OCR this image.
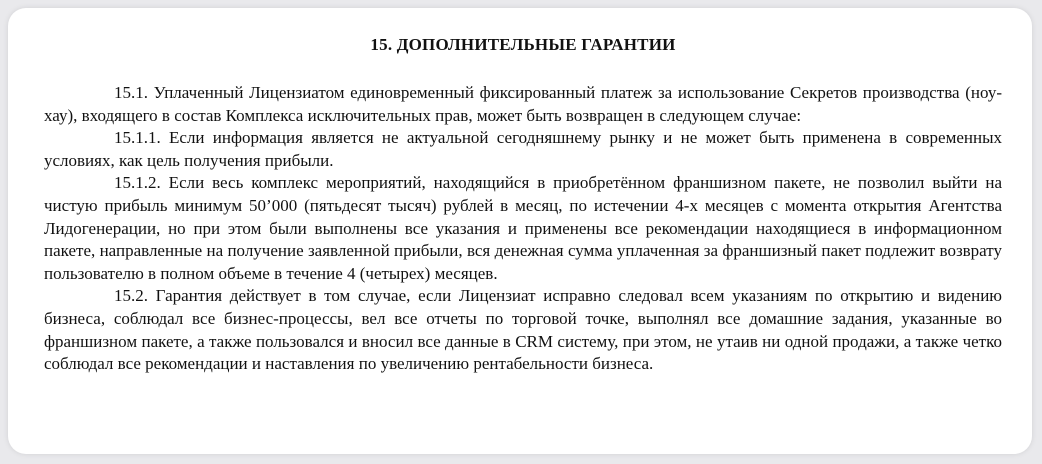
15. ДОПОЛНИТЕЛЬНЫЕ ГАРАНТИИ

15.1. Уплаченный Лицензиатом единовременный фиксированный платеж за использование Секретов производства (ноу-хау), входящего в состав Комплекса исключительных прав, может быть возвращен в следующем случае:

15.1.1. Если информация является не актуальной сегодняшнему рынку и не может быть применена в современных условиях, как цель получения прибыли.

15.1.2. Если весь комплекс мероприятий, находящийся в приобретённом франшизном пакете, не позволил выйти на чистую прибыль минимум 50’000 (пятьдесят тысяч) рублей в месяц, по истечении 4-х месяцев с момента открытия Агентства Лидогенерации, но при этом были выполнены все указания и применены все рекомендации находящиеся в информационном пакете, направленные на получение заявленной прибыли, вся денежная сумма уплаченная за франшизный пакет подлежит возврату пользователю в полном объеме в течение 4 (четырех) месяцев.

15.2. Гарантия действует в том случае, если Лицензиат исправно следовал всем указаниям по открытию и видению бизнеса, соблюдал все бизнес-процессы, вел все отчеты по торговой точке, выполнял все домашние задания, указанные во франшизном пакете, а также пользовался и вносил все данные в CRM систему, при этом, не утаив ни одной продажи, а также четко соблюдал все рекомендации и наставления по увеличению рентабельности бизнеса.
